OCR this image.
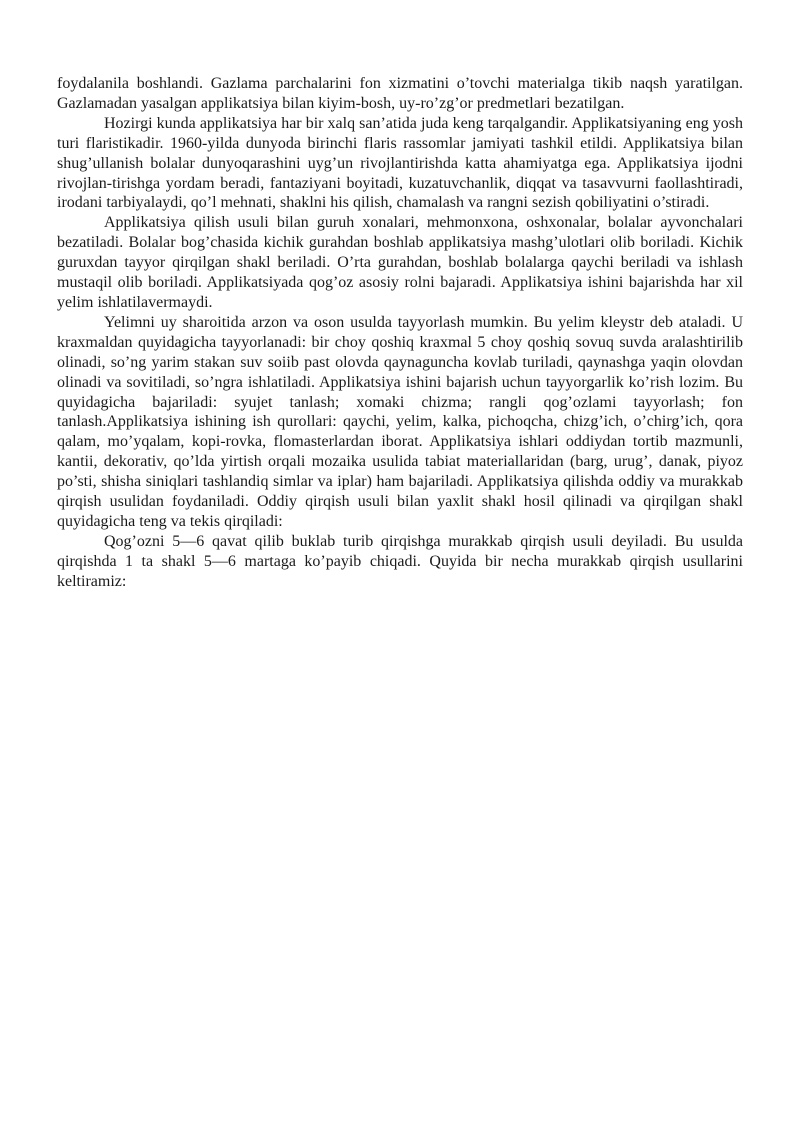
foydalanila boshlandi. Gazlama parchalarini fon xizmatini o’tovchi materialga tikib naqsh yaratilgan. Gazlamadan yasalgan applikatsiya bilan kiyim-bosh, uy-ro’zg’or predmetlari bezatilgan.

Hozirgi kunda applikatsiya har bir xalq san’atida juda keng tarqalgandir. Applikatsiyaning eng yosh turi flaristikadir. 1960-yilda dunyoda birinchi flaris rassomlar jamiyati tashkil etildi. Applikatsiya bilan shug’ullanish bolalar dunyoqarashini uyg’un rivojlantirishda katta ahamiyatga ega. Applikatsiya ijodni rivojlan-tirishga yordam beradi, fantaziyani boyitadi, kuzatuvchanlik, diqqat va tasavvurni faollashtiradi, irodani tarbiyalaydi, qo’l mehnati, shaklni his qilish, chamalash va rangni sezish qobiliyatini o’stiradi.

Applikatsiya qilish usuli bilan guruh xonalari, mehmonxona, oshxonalar, bolalar ayvonchalari bezatiladi. Bolalar bog’chasida kichik gurahdan boshlab applikatsiya mashg’ulotlari olib boriladi. Kichik guruxdan tayyor qirqilgan shakl beriladi. O’rta gurahdan, boshlab bolalarga qaychi beriladi va ishlash mustaqil olib boriladi. Applikatsiyada qog’oz asosiy rolni bajaradi. Applikatsiya ishini bajarishda har xil yelim ishlatilavermaydi.

Yelimni uy sharoitida arzon va oson usulda tayyorlash mumkin. Bu yelim kleystr deb ataladi. U kraxmaldan quyidagicha tayyorlanadi: bir choy qoshiq kraxmal 5 choy qoshiq sovuq suvda aralashtirilib olinadi, so’ng yarim stakan suv soiib past olovda qaynaguncha kovlab turiladi, qaynashga yaqin olovdan olinadi va sovitiladi, so’ngra ishlatiladi. Applikatsiya ishini bajarish uchun tayyorgarlik ko’rish lozim. Bu quyidagicha bajariladi: syujet tanlash; xomaki chizma; rangli qog’ozlami tayyorlash; fon tanlash.Applikatsiya ishining ish qurollari: qaychi, yelim, kalka, pichoqcha, chizg’ich, o’chirg’ich, qora qalam, mo’yqalam, kopi-rovka, flomasterlardan iborat. Applikatsiya ishlari oddiydan tortib mazmunli, kantii, dekorativ, qo’lda yirtish orqali mozaika usulida tabiat materiallaridan (barg, urug’, danak, piyoz po’sti, shisha siniqlari tashlandiq simlar va iplar) ham bajariladi. Applikatsiya qilishda oddiy va murakkab qirqish usulidan foydaniladi. Oddiy qirqish usuli bilan yaxlit shakl hosil qilinadi va qirqilgan shakl quyidagicha teng va tekis qirqiladi:

Qog’ozni 5—6 qavat qilib buklab turib qirqishga murakkab qirqish usuli deyiladi. Bu usulda qirqishda 1 ta shakl 5—6 martaga ko’payib chiqadi. Quyida bir necha murakkab qirqish usullarini keltiramiz:
